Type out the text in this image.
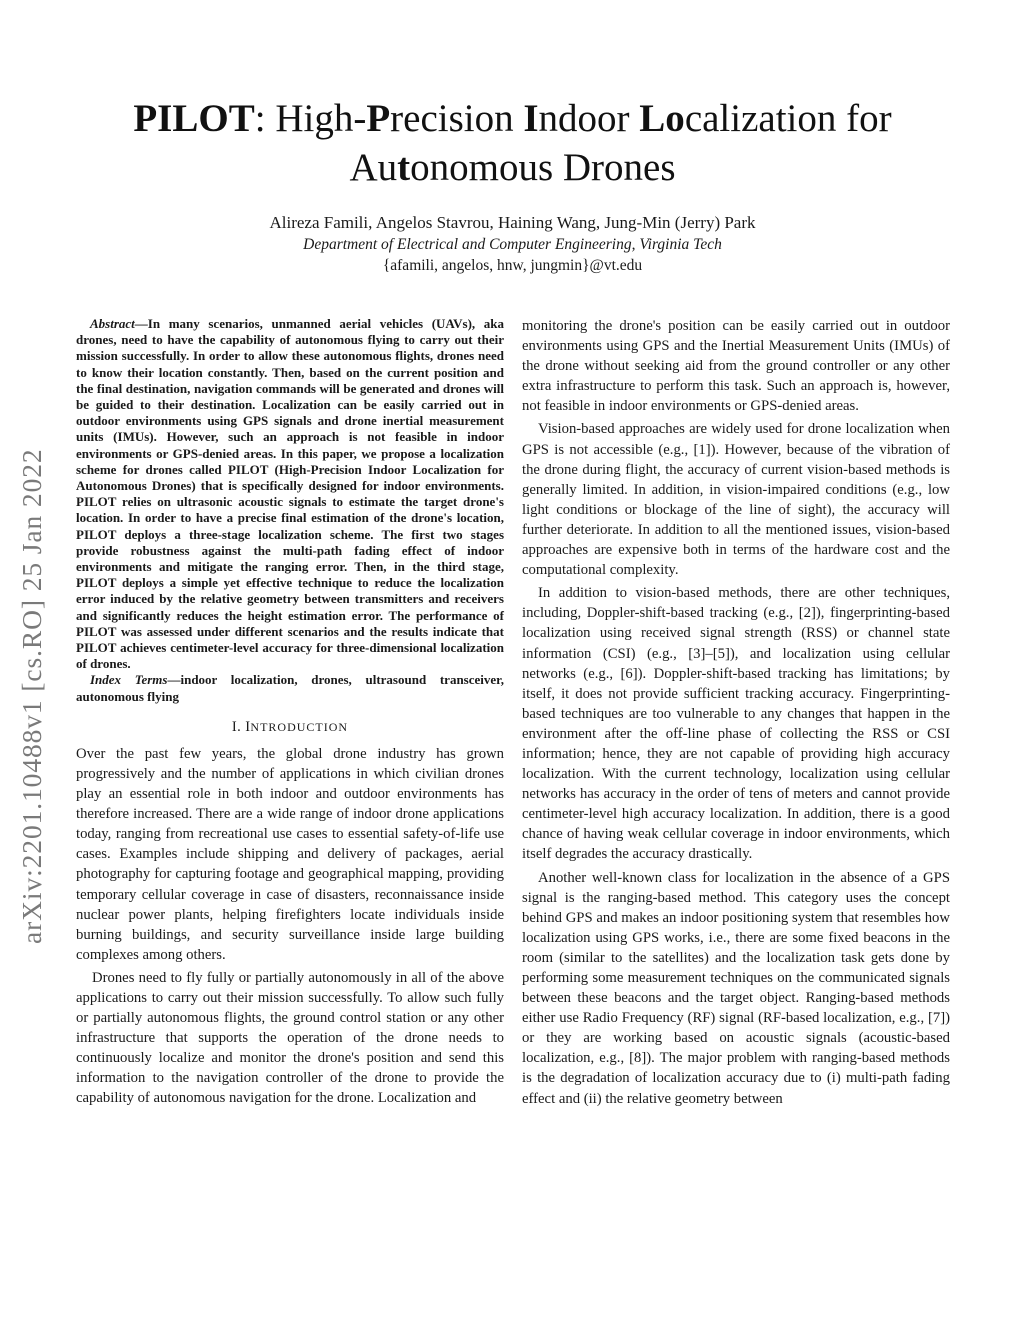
arXiv:2201.10488v1 [cs.RO] 25 Jan 2022
PILOT: High-Precision Indoor Localization for
Autonomous Drones
Alireza Famili, Angelos Stavrou, Haining Wang, Jung-Min (Jerry) Park
Department of Electrical and Computer Engineering, Virginia Tech
{afamili, angelos, hnw, jungmin}@vt.edu

Abstract—In many scenarios, unmanned aerial vehicles (UAVs), aka drones, need to have the capability of autonomous flying to carry out their mission successfully. In order to allow these autonomous flights, drones need to know their location constantly. Then, based on the current position and the final destination, navigation commands will be generated and drones will be guided to their destination. Localization can be easily carried out in outdoor environments using GPS signals and drone inertial measurement units (IMUs). However, such an approach is not feasible in indoor environments or GPS-denied areas. In this paper, we propose a localization scheme for drones called PILOT (High-Precision Indoor Localization for Autonomous Drones) that is specifically designed for indoor environments. PILOT relies on ultrasonic acoustic signals to estimate the target drone's location. In order to have a precise final estimation of the drone's location, PILOT deploys a three-stage localization scheme. The first two stages provide robustness against the multi-path fading effect of indoor environments and mitigate the ranging error. Then, in the third stage, PILOT deploys a simple yet effective technique to reduce the localization error induced by the relative geometry between transmitters and receivers and significantly reduces the height estimation error. The performance of PILOT was assessed under different scenarios and the results indicate that PILOT achieves centimeter-level accuracy for three-dimensional localization of drones.

Index Terms—indoor localization, drones, ultrasound transceiver, autonomous flying

I. INTRODUCTION

Over the past few years, the global drone industry has grown progressively and the number of applications in which civilian drones play an essential role in both indoor and outdoor environments has therefore increased. There are a wide range of indoor drone applications today, ranging from recreational use cases to essential safety-of-life use cases. Examples include shipping and delivery of packages, aerial photography for capturing footage and geographical mapping, providing temporary cellular coverage in case of disasters, reconnaissance inside nuclear power plants, helping firefighters locate individuals inside burning buildings, and security surveillance inside large building complexes among others.

Drones need to fly fully or partially autonomously in all of the above applications to carry out their mission successfully. To allow such fully or partially autonomous flights, the ground control station or any other infrastructure that supports the operation of the drone needs to continuously localize and monitor the drone's position and send this information to the navigation controller of the drone to provide the capability of autonomous navigation for the drone. Localization and

monitoring the drone's position can be easily carried out in outdoor environments using GPS and the Inertial Measurement Units (IMUs) of the drone without seeking aid from the ground controller or any other extra infrastructure to perform this task. Such an approach is, however, not feasible in indoor environments or GPS-denied areas.

Vision-based approaches are widely used for drone localization when GPS is not accessible (e.g., [1]). However, because of the vibration of the drone during flight, the accuracy of current vision-based methods is generally limited. In addition, in vision-impaired conditions (e.g., low light conditions or blockage of the line of sight), the accuracy will further deteriorate. In addition to all the mentioned issues, vision-based approaches are expensive both in terms of the hardware cost and the computational complexity.

In addition to vision-based methods, there are other techniques, including, Doppler-shift-based tracking (e.g., [2]), fingerprinting-based localization using received signal strength (RSS) or channel state information (CSI) (e.g., [3]–[5]), and localization using cellular networks (e.g., [6]). Doppler-shift-based tracking has limitations; by itself, it does not provide sufficient tracking accuracy. Fingerprinting-based techniques are too vulnerable to any changes that happen in the environment after the off-line phase of collecting the RSS or CSI information; hence, they are not capable of providing high accuracy localization. With the current technology, localization using cellular networks has accuracy in the order of tens of meters and cannot provide centimeter-level high accuracy localization. In addition, there is a good chance of having weak cellular coverage in indoor environments, which itself degrades the accuracy drastically.

Another well-known class for localization in the absence of a GPS signal is the ranging-based method. This category uses the concept behind GPS and makes an indoor positioning system that resembles how localization using GPS works, i.e., there are some fixed beacons in the room (similar to the satellites) and the localization task gets done by performing some measurement techniques on the communicated signals between these beacons and the target object. Ranging-based methods either use Radio Frequency (RF) signal (RF-based localization, e.g., [7]) or they are working based on acoustic signals (acoustic-based localization, e.g., [8]). The major problem with ranging-based methods is the degradation of localization accuracy due to (i) multi-path fading effect and (ii) the relative geometry between
